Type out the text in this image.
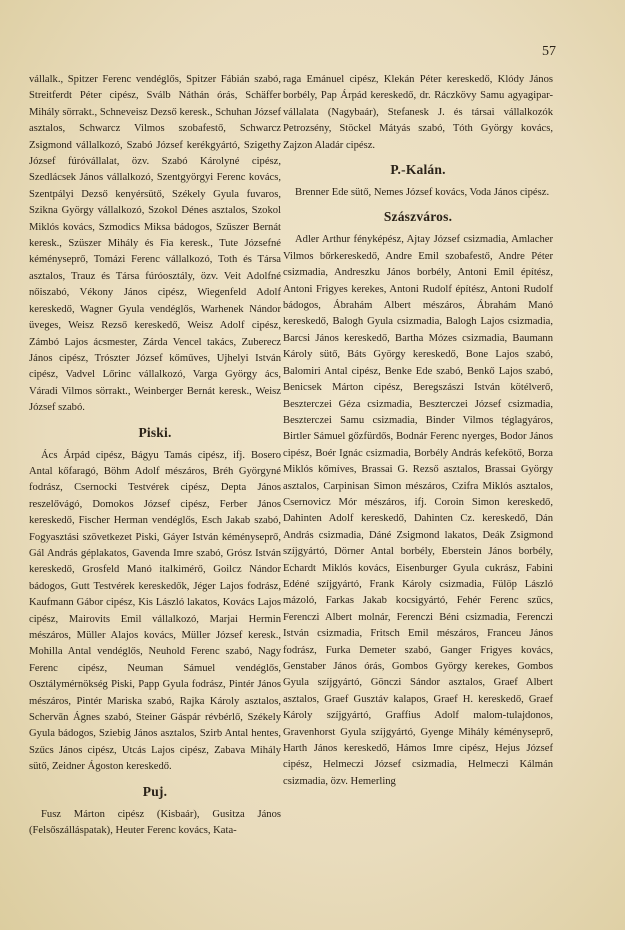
57

vállalk., Spitzer Ferenc vendéglős, Spitzer Fábián szabó, Streitferdt Péter cipész, Sválb Náthán órás, Schäffer Mihály sörrakt., Schneveisz Dezső keresk., Schuhan József asztalos, Schwarcz Vilmos szobafestő, Schwarcz Zsigmond vállalkozó, Szabó József kerékgyártó, Szigethy József fúróvállalat, özv. Szabó Károlyné cipész, Szedlácsek János vállalkozó, Szentgyörgyi Ferenc kovács, Szentpályi Dezső kenyérsütő, Székely Gyula fuvaros, Szikna György vállalkozó, Szokol Dénes asztalos, Szokol Miklós kovács, Szmodics Miksa bádogos, Szüszer Bernát keresk., Szüszer Mihály és Fia keresk., Tute Józsefné kéményseprő, Tomázi Ferenc vállalkozó, Toth és Társa asztalos, Trauz és Társa fúróosztály, özv. Veit Adolfné nőiszabó, Vékony János cipész, Wiegenfeld Adolf kereskedő, Wagner Gyula vendéglős, Warhenek Nándor üveges, Weisz Rezső kereskedő, Weisz Adolf cipész, Zámbó Lajos ácsmester, Zárda Vencel takács, Zuberecz János cipész, Trószter József kőműves, Ujhelyi István cipész, Vadvel Lőrinc vállalkozó, Varga György ács, Váradi Vilmos sörrakt., Weinberger Bernát keresk., Weisz József szabó.

Piski.

Ács Árpád cipész, Bágyu Tamás cipész, ifj. Bosero Antal kőfaragó, Böhm Adolf mészáros, Bréh Györgyné fodrász, Csernocki Testvérek cipész, Depta János reszelővágó, Domokos József cipész, Ferber János kereskedő, Fischer Herman vendéglős, Esch Jakab szabó, Fogyasztási szövetkezet Piski, Gáyer István kéményseprő, Gál András géplakatos, Gavenda Imre szabó, Grósz István kereskedő, Grosfeld Manó italkimérő, Goilcz Nándor bádogos, Gutt Testvérek kereskedők, Jéger Lajos fodrász, Kaufmann Gábor cipész, Kis László lakatos, Kovács Lajos cipész, Mairovits Emil vállalkozó, Marjai Hermin mészáros, Müller Alajos kovács, Müller József keresk., Mohilla Antal vendéglős, Neuhold Ferenc szabó, Nagy Ferenc cipész, Neuman Sámuel vendéglős, Osztálymérnökség Piski, Papp Gyula fodrász, Pintér János mészáros, Pintér Mariska szabó, Rajka Károly asztalos, Schervān Ágnes szabó, Steiner Gáspár révbérlő, Székely Gyula bádogos, Sziebig János asztalos, Szirb Antal hentes, Szűcs János cipész, Utcás Lajos cipész, Zabava Mihály sütő, Zeidner Ágoston kereskedő.

Puj.

Fusz Márton cipész (Kisbaár), Gusitza János (Felsőszálláspatak), Heuter Ferenc kovács, Kata-

raga Emánuel cipész, Klekán Péter kereskedő, Klódy János borbély, Pap Árpád kereskedő, dr. Ráczkövy Samu agyagipar-vállalata (Nagybaár), Stefanesk J. és társai vállalkozók Petrozsény, Stöckel Mátyás szabó, Tóth György kovács, Zajzon Aladár cipész.

P.-Kalán.

Brenner Ede sütő, Nemes József kovács, Voda János cipész.

Szászváros.

Adler Arthur fényképész, Ajtay József csizmadia, Amlacher Vilmos bőrkereskedő, Andre Emil szobafestő, Andre Péter csizmadia, Andreszku János borbély, Antoni Emil építész, Antoni Frigyes kerekes, Antoni Rudolf építész, Antoni Rudolf bádogos, Ábrahám Albert mészáros, Ábrahám Manó kereskedő, Balogh Gyula csizmadia, Balogh Lajos csizmadia, Barcsi János kereskedő, Bartha Mózes csizmadia, Baumann Károly sütő, Báts György kereskedő, Bone Lajos szabó, Balomiri Antal cipész, Benke Ede szabó, Benkő Lajos szabó, Benicsek Márton cipész, Beregszászi István kötélverő, Beszterczei Géza csizmadia, Beszterczei József csizmadia, Beszterczei Samu csizmadia, Binder Vilmos téglagyáros, Birtler Sámuel gőzfürdős, Bodnár Ferenc nyerges, Bodor János cipész, Boér Ignác csizmadia, Borbély András kefekötő, Borza Miklós kőmíves, Brassai G. Rezső asztalos, Brassai György asztalos, Carpinisan Simon mészáros, Czifra Miklós asztalos, Csernovicz Mór mészáros, ifj. Coroin Simon kereskedő, Dahinten Adolf kereskedő, Dahinten Cz. kereskedő, Dán András csizmadia, Dáné Zsigmond lakatos, Deák Zsigmond szíjgyártó, Dörner Antal borbély, Eberstein János borbély, Echardt Miklós kovács, Eisenburger Gyula cukrász, Fabini Edéné szíjgyártó, Frank Károly csizmadia, Fülöp László mázoló, Farkas Jakab kocsigyártó, Fehér Ferenc szűcs, Ferenczi Albert molnár, Ferenczi Béni csizmadia, Ferenczi István csizmadia, Fritsch Emil mészáros, Franceu János fodrász, Furka Demeter szabó, Ganger Frigyes kovács, Genstaber János órás, Gombos György kerekes, Gombos Gyula szíjgyártó, Gönczi Sándor asztalos, Graef Albert asztalos, Graef Gusztáv kalapos, Graef H. kereskedő, Graef Károly szíjgyártó, Graffius Adolf malom-tulajdonos, Gravenhorst Gyula szíjgyártó, Gyenge Mihály kéményseprő, Harth János kereskedő, Hámos Imre cipész, Hejus József cipész, Helmeczi József csizmadia, Helmeczi Kálmán csizmadia, özv. Hemerling
